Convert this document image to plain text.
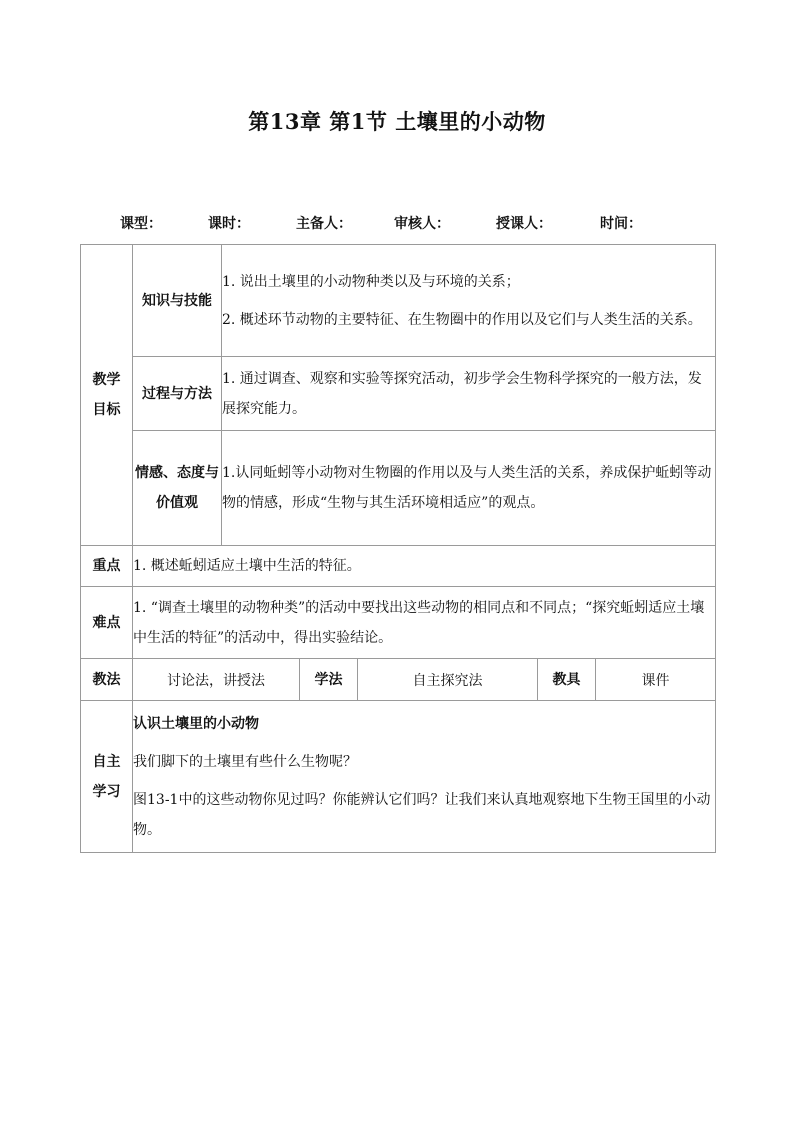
第13章 第1节 土壤里的小动物
课型：	课时：	主备人：	审核人：	授课人：	时间：
教学目标	知识与技能	1. 说出土壤里的小动物种类以及与环境的关系；

2. 概述环节动物的主要特征、在生物圈中的作用以及它们与人类生活的关系。				

	过程与方法	1. 通过调查、观察和实验等探究活动，初步学会生物科学探究的一般方法，发展探究能力。				
	情感、态度与价值观	1.认同蚯蚓等小动物对生物圈的作用以及与人类生活的关系，养成保护蚯蚓等动物的情感，形成“生物与其生活环境相适应”的观点。				
重点	1. 概述蚯蚓适应土壤中生活的特征。					
难点	1. “调查土壤里的动物种类”的活动中要找出这些动物的相同点和不同点；“探究蚯蚓适应土壤中生活的特征”的活动中，得出实验结论。					
教法	讨论法，讲授法		学法	自主探究法	教具	课件
自主学习	认识土壤里的小动物

我们脚下的土壤里有些什么生物呢？

图13-1中的这些动物你见过吗？你能辨认它们吗？让我们来认真地观察地下生物王国里的小动物。					
